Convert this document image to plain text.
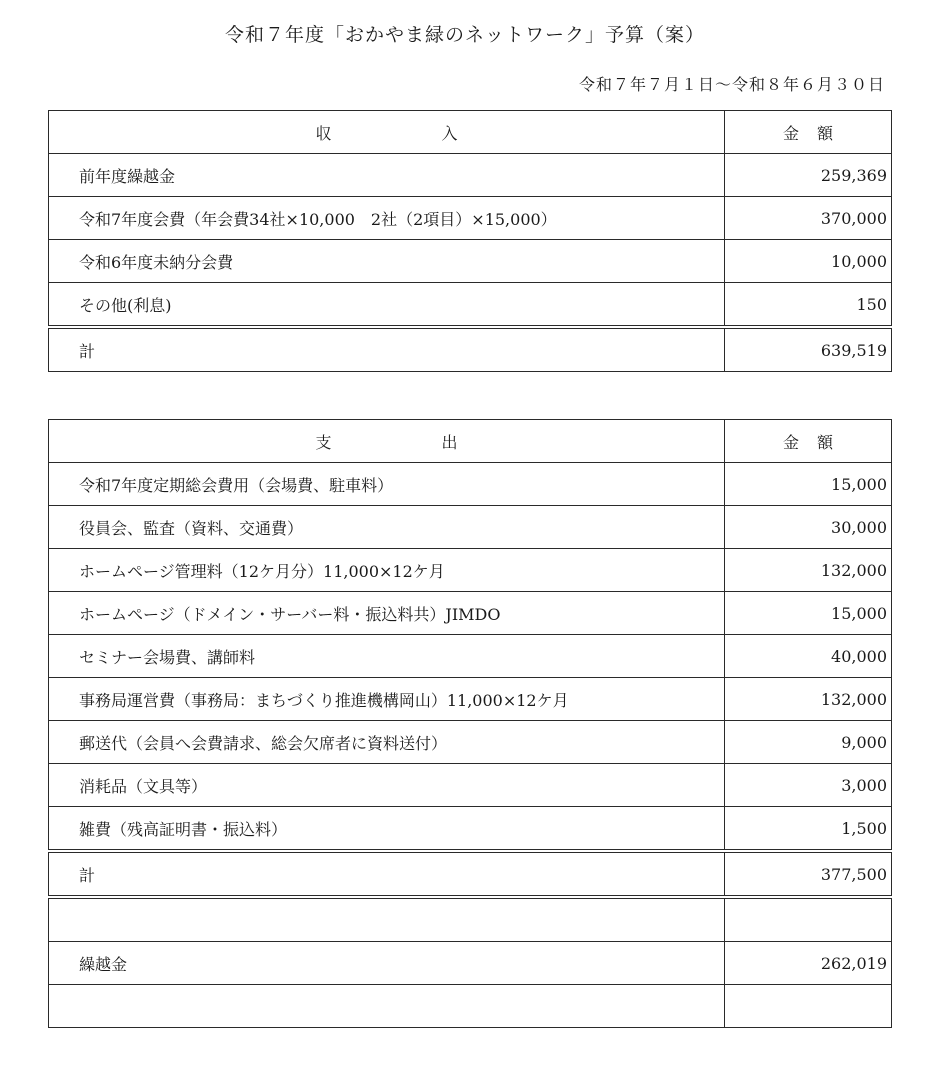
令和７年度「おかやま緑のネットワーク」予算（案）
令和７年７月１日～令和８年６月３０日
収入	金額
前年度繰越金	259,369
令和7年度会費（年会費34社×10,000　2社（2項目）×15,000）	370,000
令和6年度未納分会費	10,000
その他(利息)	150
計	639,519
支出	金額
令和7年度定期総会費用（会場費、駐車料）	15,000
役員会、監査（資料、交通費）	30,000
ホームページ管理料（12ケ月分）11,000×12ケ月	132,000
ホームページ（ドメイン・サーバー料・振込料共）JIMDO	15,000
セミナー会場費、講師料	40,000
事務局運営費（事務局：まちづくり推進機構岡山）11,000×12ケ月	132,000
郵送代（会員へ会費請求、総会欠席者に資料送付）	9,000
消耗品（文具等）	3,000
雑費（残高証明書・振込料）	1,500
計	377,500

繰越金	262,019
